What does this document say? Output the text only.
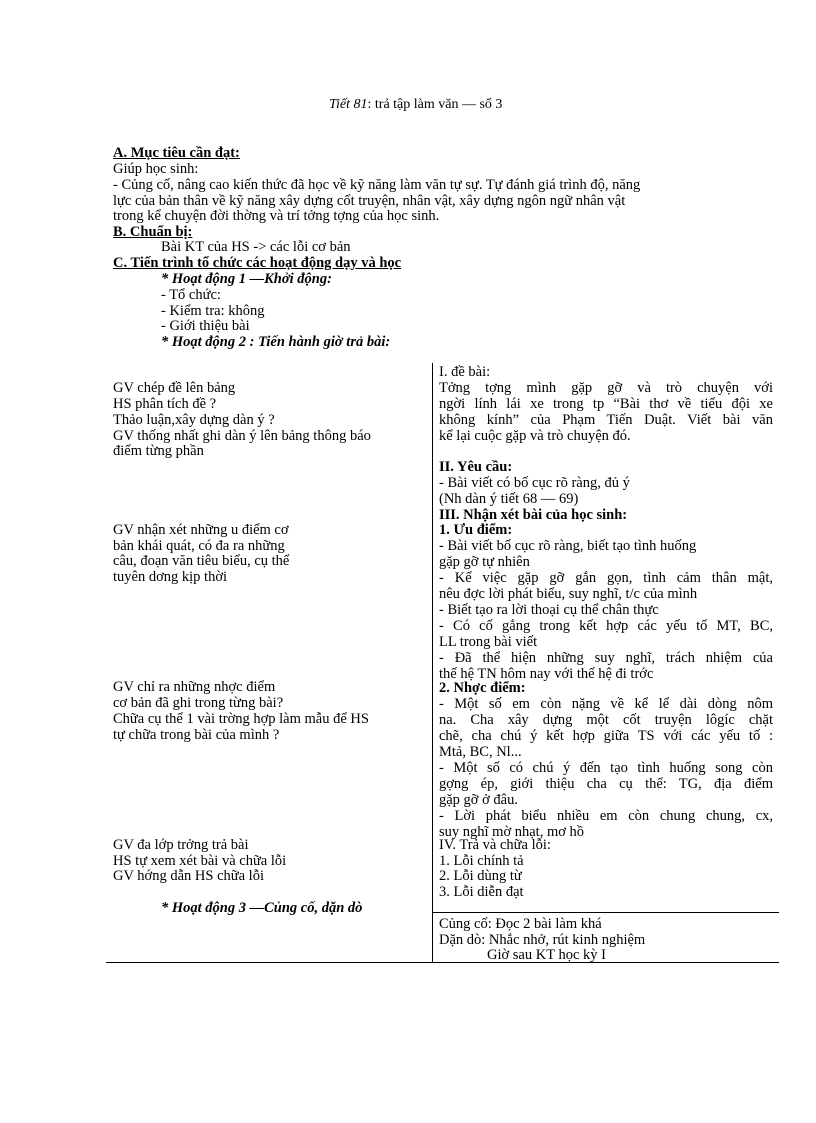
Tiết 81: trả tập làm văn — số 3
A. Mục tiêu cần đạt:
Giúp học sinh:
- Củng cố, nâng cao kiến thức đã học về kỹ năng làm văn tự sự. Tự đánh giá trình độ, năng
lực của bản thân về kỹ năng xây dựng cốt truyện, nhân vật, xây dựng ngôn ngữ nhân vật
trong kể chuyện đời thờng và trí tởng tợng của học sinh.
B. Chuẩn bị:
Bài KT của HS -> các lỗi cơ bản
C. Tiến trình tổ chức các hoạt động dạy và học
* Hoạt động 1 —Khởi động:
- Tổ chức:
- Kiểm tra: không
- Giới thiệu bài
* Hoạt động 2 : Tiến hành giờ trả bài:
GV chép đề lên bảng
HS phân tích đề ?
Thảo luận,xây dựng dàn ý ?
GV thống nhất ghi dàn ý lên bảng thông báo
điểm từng phần
GV nhận xét những u điểm cơ
bản khái quát, có đa ra những
câu, đoạn văn tiêu biểu, cụ thể
tuyên dơng kịp thời
GV chỉ ra những nhợc điểm
cơ bản đã ghi trong từng bài?
Chữa cụ thể 1 vài trờng hợp làm mẫu để HS
tự chữa trong bài của mình ?
GV đa lớp trởng trả bài
HS tự xem xét bài và chữa lỗi
GV hớng dẫn HS chữa lỗi
* Hoạt động 3 —Củng cố, dặn dò
I. đề bài:
Tởng tợng mình gặp gỡ và trò chuyện với
ngời lính lái xe trong tp “Bài thơ về tiểu đội xe
không kính” của Phạm Tiến Duật. Viết bài văn
kể lại cuộc gặp và trò chuyện đó.
II. Yêu cầu:
- Bài viết có bố cục rõ ràng, đủ ý
(Nh dàn ý tiết 68 — 69)
III. Nhận xét bài của học sinh:
1. Ưu điểm:
- Bài viết bố cục rõ ràng, biết tạo tình huống
gặp gỡ tự nhiên
- Kể việc gặp gỡ gắn gọn, tình cảm thân mật,
nêu đợc lời phát biểu, suy nghĩ, t/c của mình
- Biết tạo ra lời thoại cụ thể chân thực
- Có cố gắng trong kết hợp các yếu tố MT, BC,
LL trong bài viết
- Đã thể hiện những suy nghĩ, trách nhiệm của
thế hệ TN hôm nay với thế hệ đi trớc
2. Nhợc điểm:
- Một số em còn nặng về kể lể dài dòng nôm
na. Cha xây dựng một cốt truyện lôgíc chặt
chẽ, cha chú ý kết hợp giữa TS với các yếu tố :
Mtả, BC, Nl...
- Một số có chú ý đến tạo tình huống song còn
gợng ép, giới thiệu cha cụ thể: TG, địa điểm
gặp gỡ ở đâu.
- Lời phát biểu nhiều em còn chung chung, cx,
suy nghĩ mờ nhạt, mơ hồ
IV. Trả và chữa lỗi:
1. Lỗi chính tả
2. Lỗi dùng từ
3. Lỗi diễn đạt
Củng cố: Đọc 2 bài làm khá
Dặn dò: Nhắc nhở, rút kinh nghiệm
Giờ sau KT học kỳ I
